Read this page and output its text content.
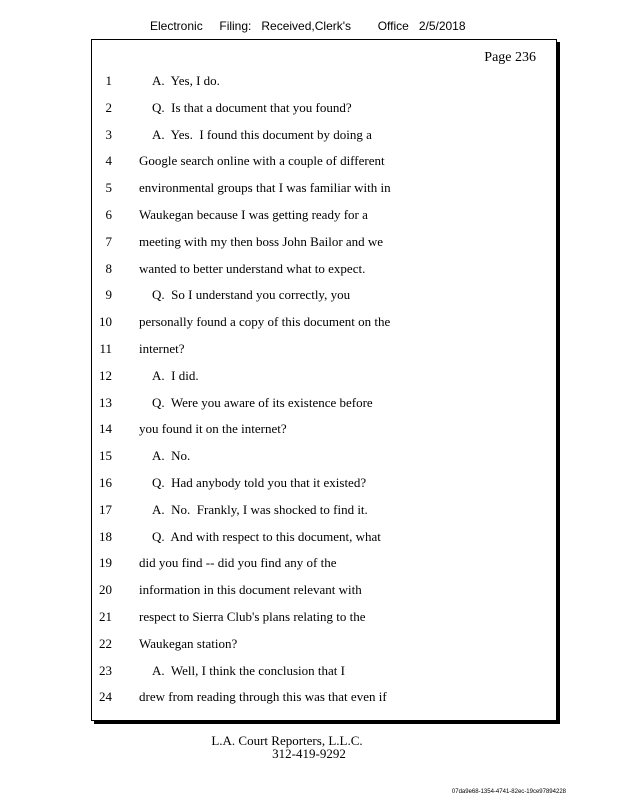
Electronic     Filing:   Received,Clerk's        Office   2/5/2018
Page 236
1	A.  Yes, I do.
2	Q.  Is that a document that you found?
3	A.  Yes.  I found this document by doing a
4 Google search online with a couple of different
5 environmental groups that I was familiar with in
6 Waukegan because I was getting ready for a
7 meeting with my then boss John Bailor and we
8 wanted to better understand what to expect.
9	Q.  So I understand you correctly, you
10 personally found a copy of this document on the
11 internet?
12	A.  I did.
13	Q.  Were you aware of its existence before
14 you found it on the internet?
15	A.  No.
16	Q.  Had anybody told you that it existed?
17	A.  No.  Frankly, I was shocked to find it.
18	Q.  And with respect to this document, what
19 did you find -- did you find any of the
20 information in this document relevant with
21 respect to Sierra Club's plans relating to the
22 Waukegan station?
23	A.  Well, I think the conclusion that I
24 drew from reading through this was that even if
L.A. Court Reporters, L.L.C.
312-419-9292
07da9e68-1354-4741-82ec-19ce97894228
